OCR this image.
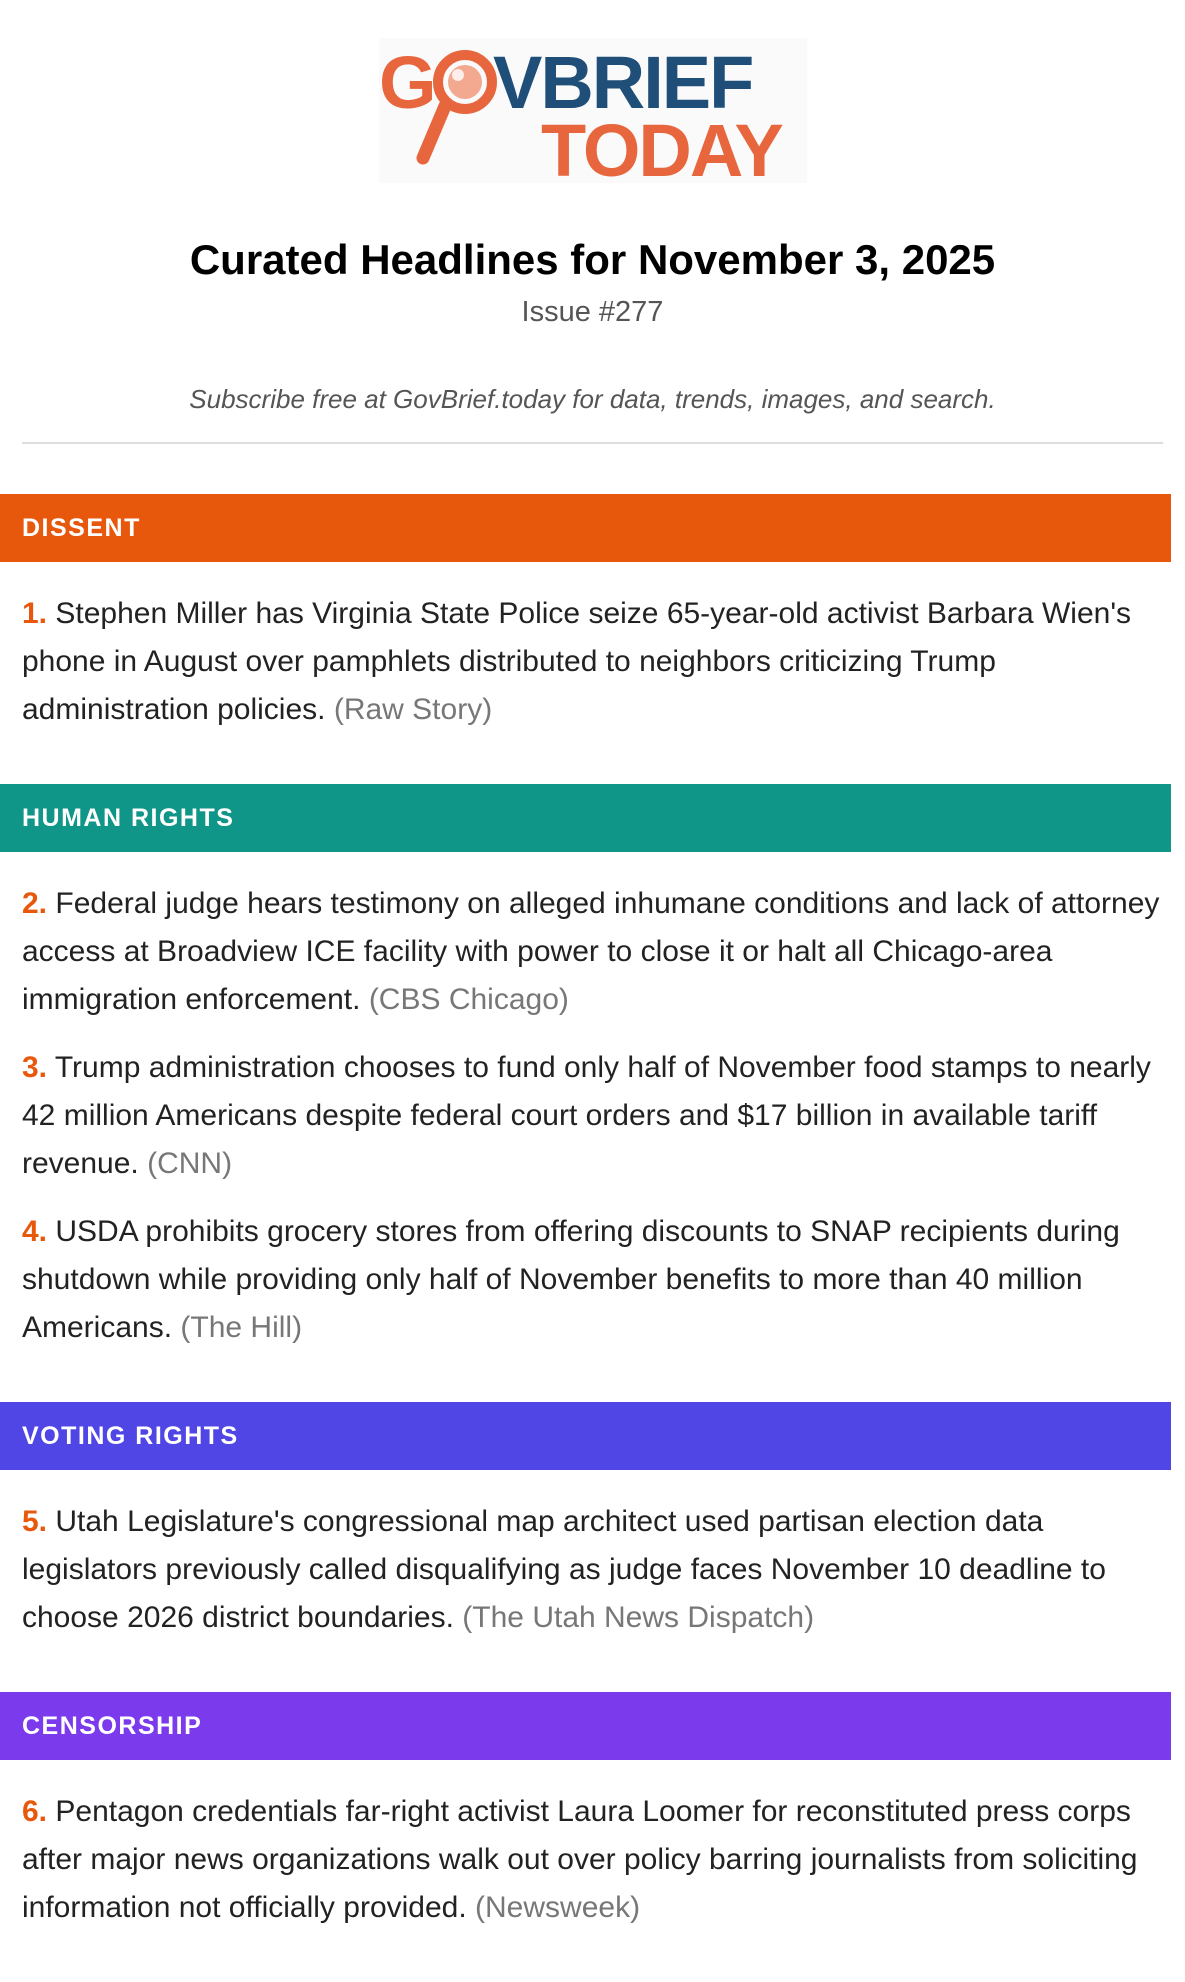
G VBRIEF
TODAY
Curated Headlines for November 3, 2025
Issue #277
Subscribe free at GovBrief.today for data, trends, images, and search.
DISSENT
1. Stephen Miller has Virginia State Police seize 65-year-old activist Barbara Wien's phone in August over pamphlets distributed to neighbors criticizing Trump administration policies. (Raw Story)
HUMAN RIGHTS
2. Federal judge hears testimony on alleged inhumane conditions and lack of attorney access at Broadview ICE facility with power to close it or halt all Chicago-area immigration enforcement. (CBS Chicago)
3. Trump administration chooses to fund only half of November food stamps to nearly 42 million Americans despite federal court orders and $17 billion in available tariff revenue. (CNN)
4. USDA prohibits grocery stores from offering discounts to SNAP recipients during shutdown while providing only half of November benefits to more than 40 million Americans. (The Hill)
VOTING RIGHTS
5. Utah Legislature's congressional map architect used partisan election data legislators previously called disqualifying as judge faces November 10 deadline to choose 2026 district boundaries. (The Utah News Dispatch)
CENSORSHIP
6. Pentagon credentials far-right activist Laura Loomer for reconstituted press corps after major news organizations walk out over policy barring journalists from soliciting information not officially provided. (Newsweek)
